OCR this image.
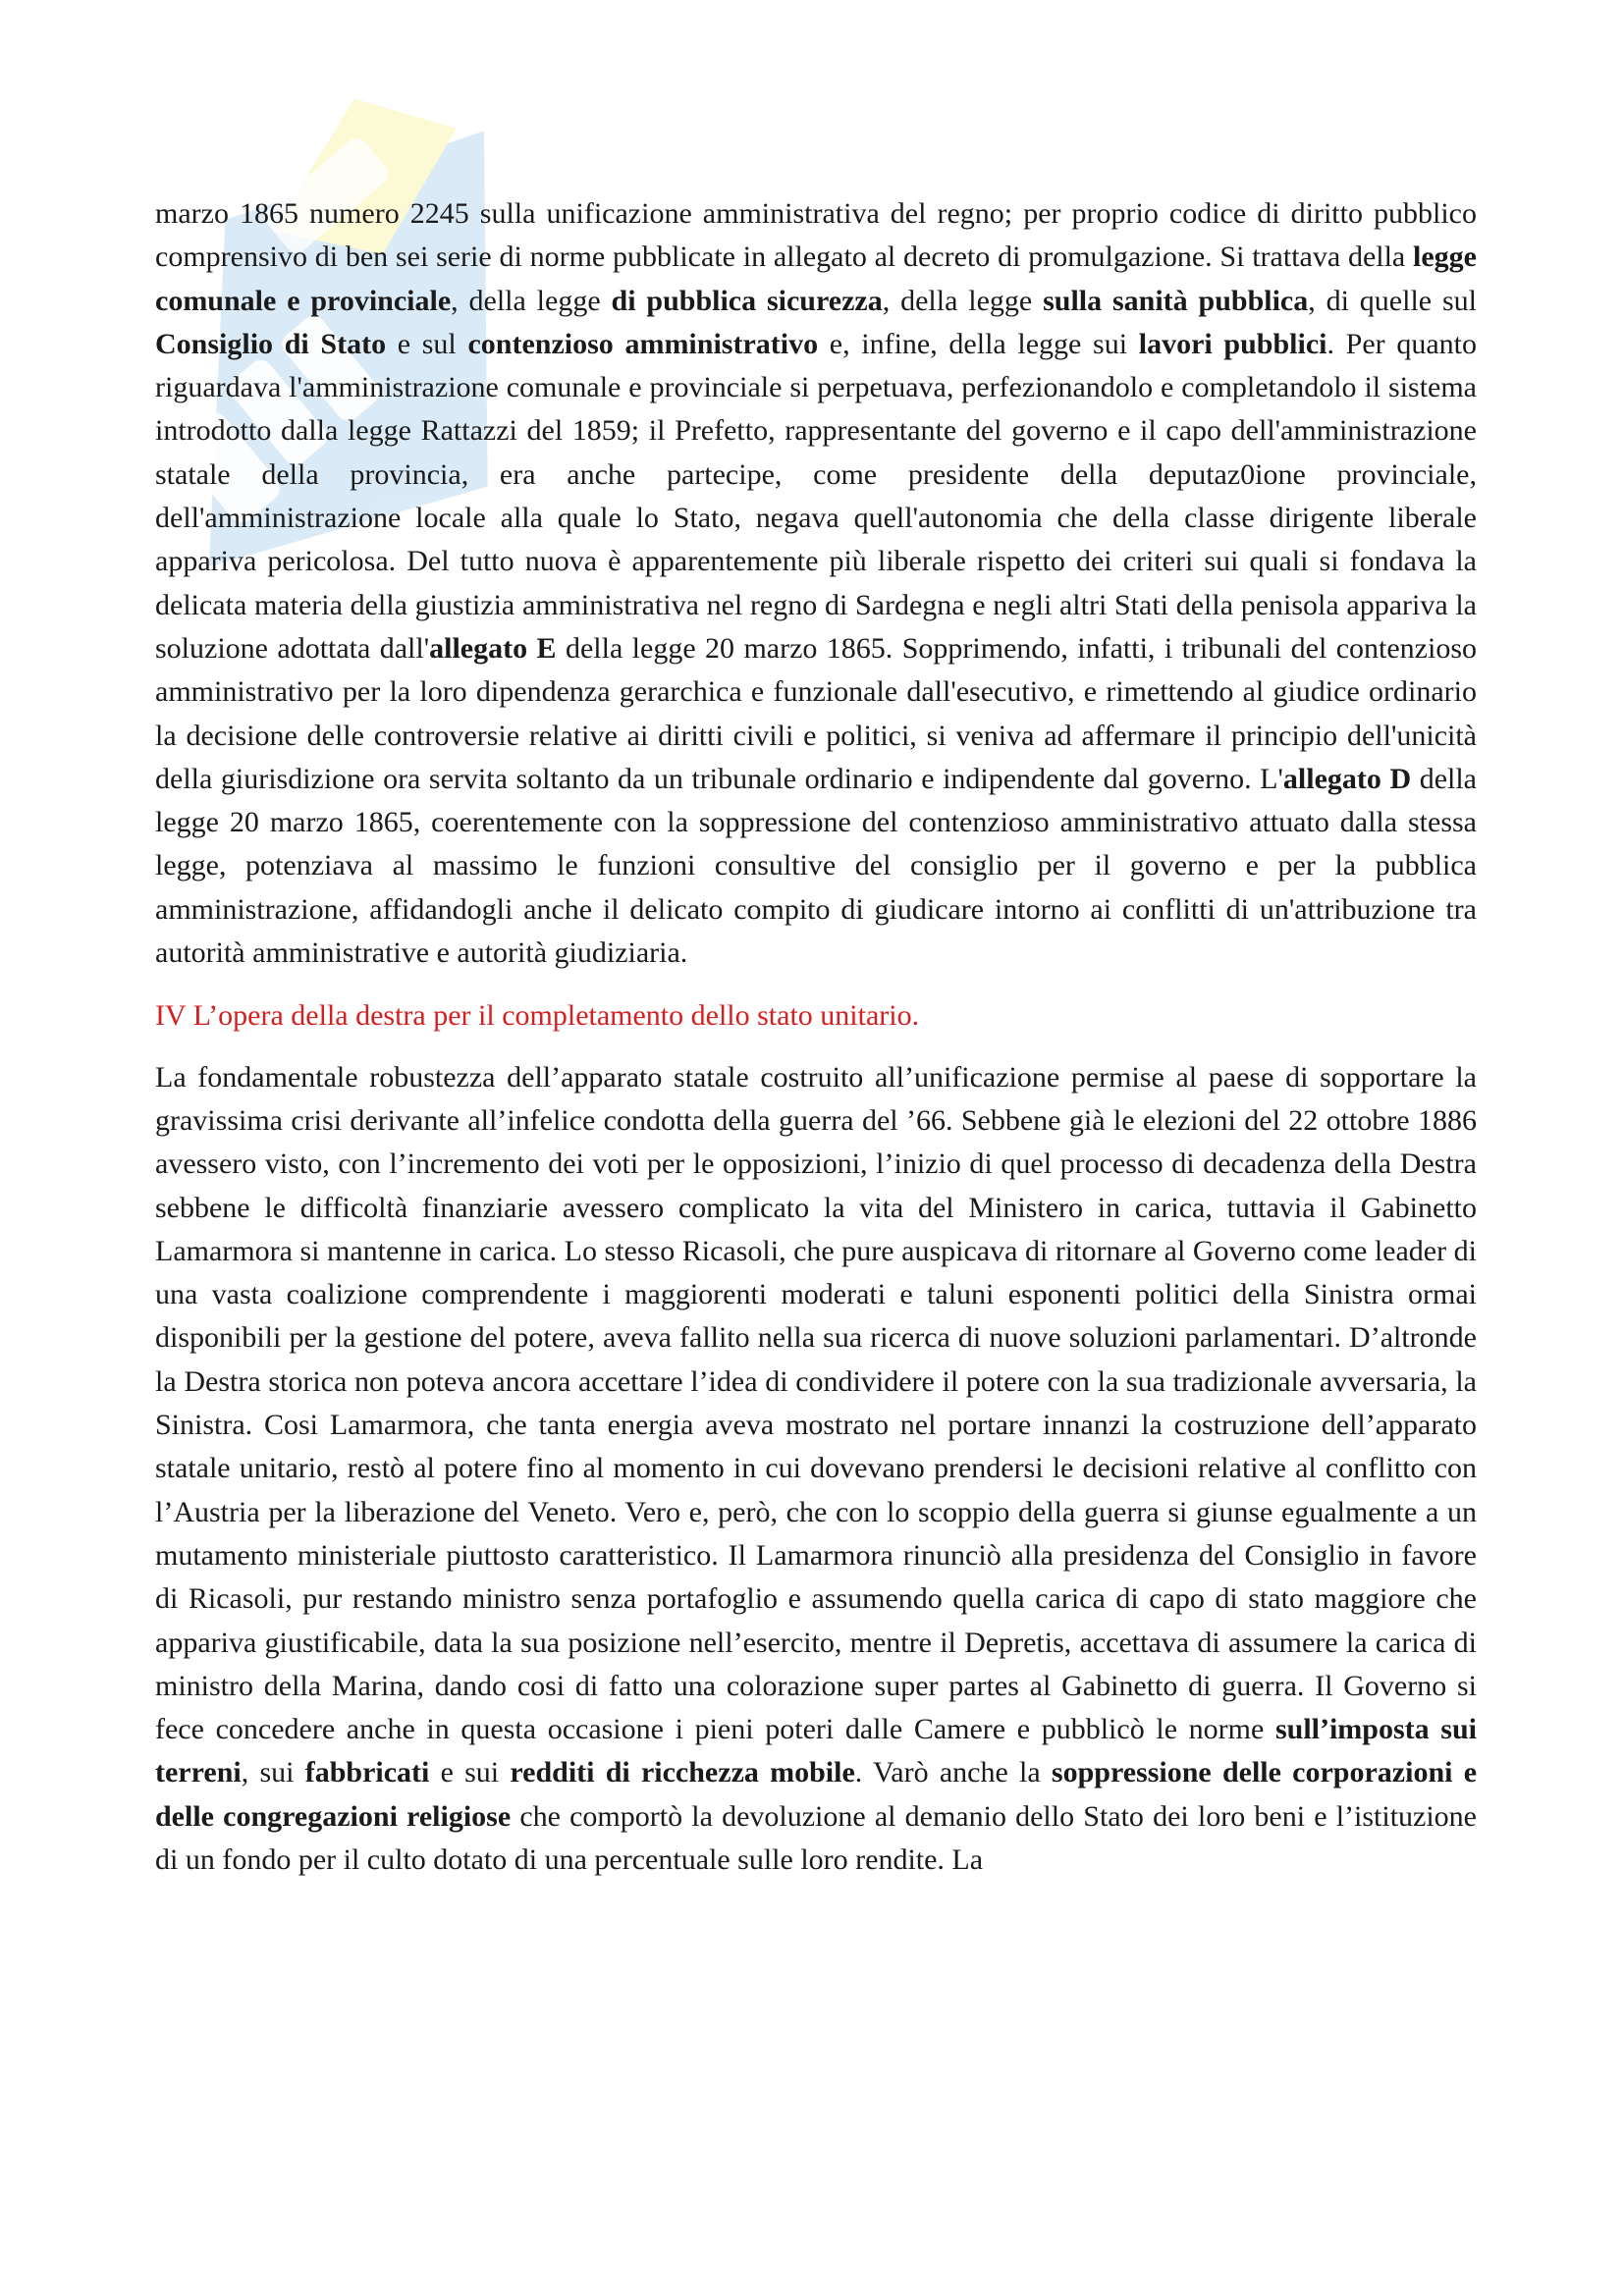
marzo 1865 numero 2245 sulla unificazione amministrativa del regno; per proprio codice di diritto pubblico comprensivo di ben sei serie di norme pubblicate in allegato al decreto di promulgazione. Si trattava della legge comunale e provinciale, della legge di pubblica sicurezza, della legge sulla sanità pubblica, di quelle sul Consiglio di Stato e sul contenzioso amministrativo e, infine, della legge sui lavori pubblici. Per quanto riguardava l'amministrazione comunale e provinciale si perpetuava, perfezionandolo e completandolo il sistema introdotto dalla legge Rattazzi del 1859; il Prefetto, rappresentante del governo e il capo dell'amministrazione statale della provincia, era anche partecipe, come presidente della deputaz0ione provinciale, dell'amministrazione locale alla quale lo Stato, negava quell'autonomia che della classe dirigente liberale appariva pericolosa. Del tutto nuova è apparentemente più liberale rispetto dei criteri sui quali si fondava la delicata materia della giustizia amministrativa nel regno di Sardegna e negli altri Stati della penisola appariva la soluzione adottata dall'allegato E della legge 20 marzo 1865. Sopprimendo, infatti, i tribunali del contenzioso amministrativo per la loro dipendenza gerarchica e funzionale dall'esecutivo, e rimettendo al giudice ordinario la decisione delle controversie relative ai diritti civili e politici, si veniva ad affermare il principio dell'unicità della giurisdizione ora servita soltanto da un tribunale ordinario e indipendente dal governo. L'allegato D della legge 20 marzo 1865, coerentemente con la soppressione del contenzioso amministrativo attuato dalla stessa legge, potenziava al massimo le funzioni consultive del consiglio per il governo e per la pubblica amministrazione, affidandogli anche il delicato compito di giudicare intorno ai conflitti di un'attribuzione tra autorità amministrative e autorità giudiziaria.

IV L’opera della destra per il completamento dello stato unitario.

La fondamentale robustezza dell’apparato statale costruito all’unificazione permise al paese di sopportare la gravissima crisi derivante all’infelice condotta della guerra del ’66. Sebbene già le elezioni del 22 ottobre 1886 avessero visto, con l’incremento dei voti per le opposizioni, l’inizio di quel processo di decadenza della Destra sebbene le difficoltà finanziarie avessero complicato la vita del Ministero in carica, tuttavia il Gabinetto Lamarmora si mantenne in carica. Lo stesso Ricasoli, che pure auspicava di ritornare al Governo come leader di una vasta coalizione comprendente i maggiorenti moderati e taluni esponenti politici della Sinistra ormai disponibili per la gestione del potere, aveva fallito nella sua ricerca di nuove soluzioni parlamentari. D’altronde la Destra storica non poteva ancora accettare l’idea di condividere il potere con la sua tradizionale avversaria, la Sinistra. Cosi Lamarmora, che tanta energia aveva mostrato nel portare innanzi la costruzione dell’apparato statale unitario, restò al potere fino al momento in cui dovevano prendersi le decisioni relative al conflitto con l’Austria per la liberazione del Veneto. Vero e, però, che con lo scoppio della guerra si giunse egualmente a un mutamento ministeriale piuttosto caratteristico. Il Lamarmora rinunciò alla presidenza del Consiglio in favore di Ricasoli, pur restando ministro senza portafoglio e assumendo quella carica di capo di stato maggiore che appariva giustificabile, data la sua posizione nell’esercito, mentre il Depretis, accettava di assumere la carica di ministro della Marina, dando cosi di fatto una colorazione super partes al Gabinetto di guerra. Il Governo si fece concedere anche in questa occasione i pieni poteri dalle Camere e pubblicò le norme sull’imposta sui terreni, sui fabbricati e sui redditi di ricchezza mobile. Varò anche la soppressione delle corporazioni e delle congregazioni religiose che comportò la devoluzione al demanio dello Stato dei loro beni e l’istituzione di un fondo per il culto dotato di una percentuale sulle loro rendite. La
